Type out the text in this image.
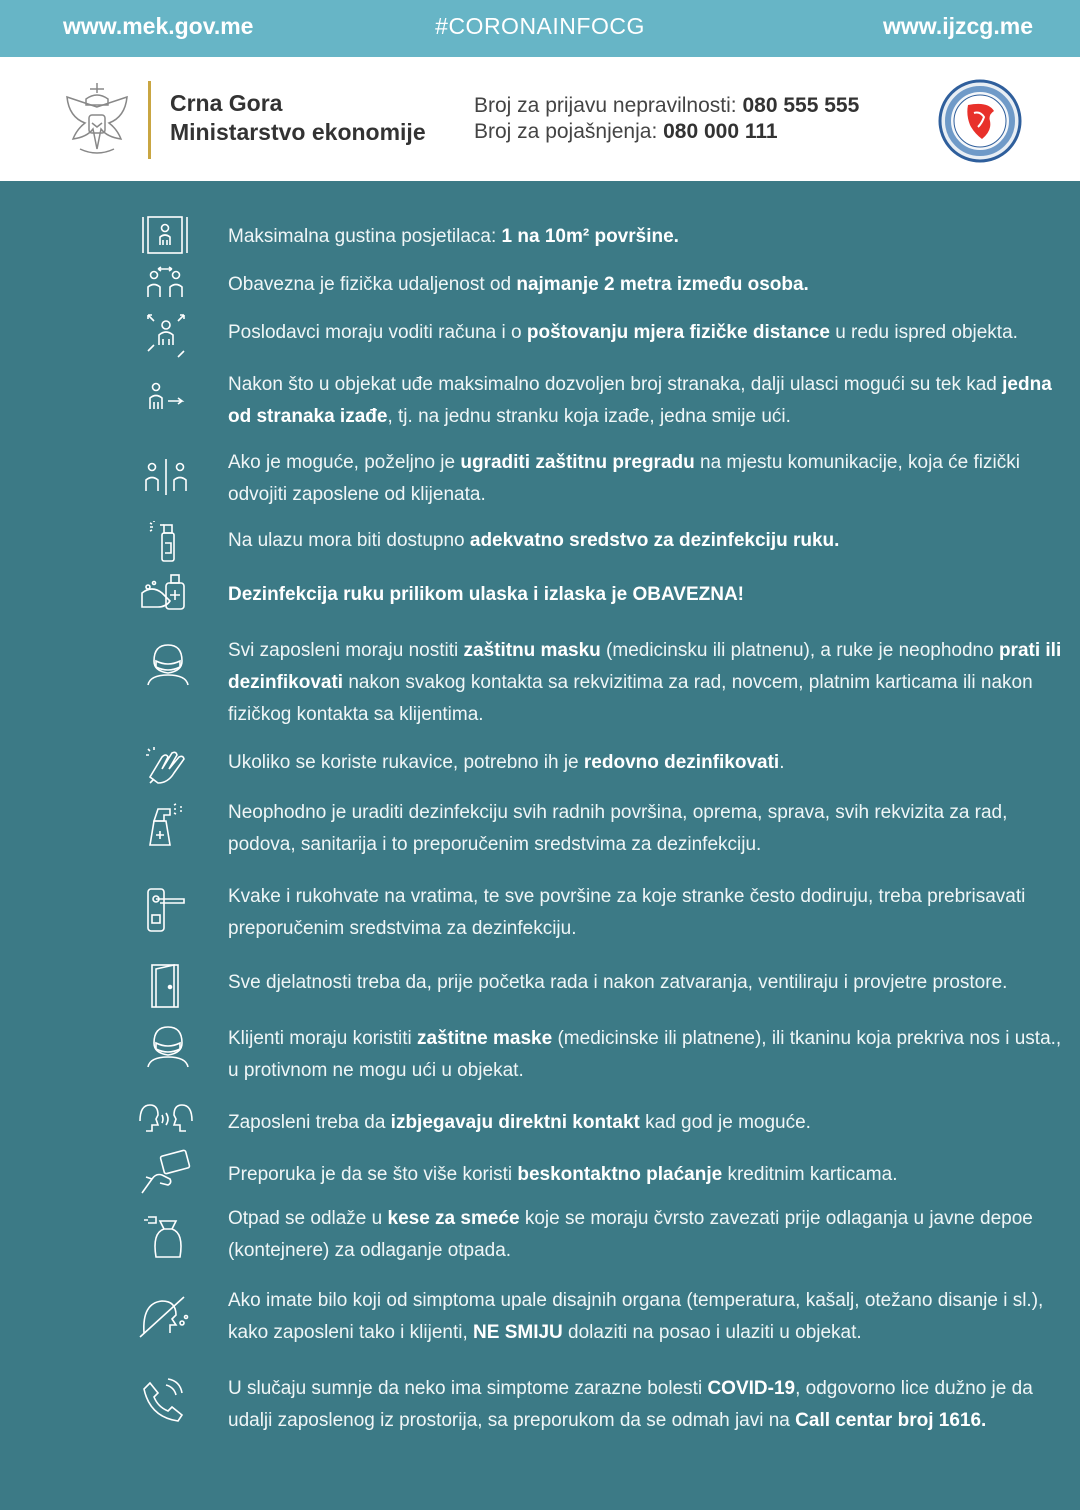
www.mek.gov.me	#CORONAINFOCG	www.ijzcg.me
Crna Gora
Ministarstvo ekonomije
Broj za prijavu nepravilnosti: 080 555 555
Broj za pojašnjenja: 080 000 111
Maksimalna gustina posjetilaca: 1 na 10m² površine.
Obavezna je fizička udaljenost od najmanje 2 metra između osoba.
Poslodavci moraju voditi računa i o poštovanju mjera fizičke distance u redu ispred objekta.
Nakon što u objekat uđe maksimalno dozvoljen broj stranaka, dalji ulasci mogući su tek kad jedna od stranaka izađe, tj. na jednu stranku koja izađe, jedna smije ući.
Ako je moguće, poželjno je ugraditi zaštitnu pregradu na mjestu komunikacije, koja će fizički odvojiti zaposlene od klijenata.
Na ulazu mora biti dostupno adekvatno sredstvo za dezinfekciju ruku.
Dezinfekcija ruku prilikom ulaska i izlaska je OBAVEZNA!
Svi zaposleni moraju nostiti zaštitnu masku (medicinsku ili platnenu), a ruke je neophodno prati ili dezinfikovati nakon svakog kontakta sa rekvizitima za rad, novcem, platnim karticama ili nakon fizičkog kontakta sa klijentima.
Ukoliko se koriste rukavice, potrebno ih je redovno dezinfikovati.
Neophodno je uraditi dezinfekciju svih radnih površina, oprema, sprava, svih rekvizita za rad, podova, sanitarija i to preporučenim sredstvima za dezinfekciju.
Kvake i rukohvate na vratima, te sve površine za koje stranke često dodiruju, treba prebrisavati preporučenim sredstvima za dezinfekciju.
Sve djelatnosti treba da, prije početka rada i nakon zatvaranja, ventiliraju i provjetre prostore.
Klijenti moraju koristiti zaštitne maske (medicinske ili platnene), ili tkaninu koja prekriva nos i usta., u protivnom ne mogu ući u objekat.
Zaposleni treba da izbjegavaju direktni kontakt kad god je moguće.
Preporuka je da se što više koristi beskontaktno plaćanje kreditnim karticama.
Otpad se odlaže u kese za smeće koje se moraju čvrsto zavezati prije odlaganja u javne depoe (kontejnere) za odlaganje otpada.
Ako imate bilo koji od simptoma upale disajnih organa (temperatura, kašalj, otežano disanje i sl.), kako zaposleni tako i klijenti, NE SMIJU dolaziti na posao i ulaziti u objekat.
U slučaju sumnje da neko ima simptome zarazne bolesti COVID-19, odgovorno lice dužno je da udalji zaposlenog iz prostorija, sa preporukom da se odmah javi na Call centar broj 1616.
